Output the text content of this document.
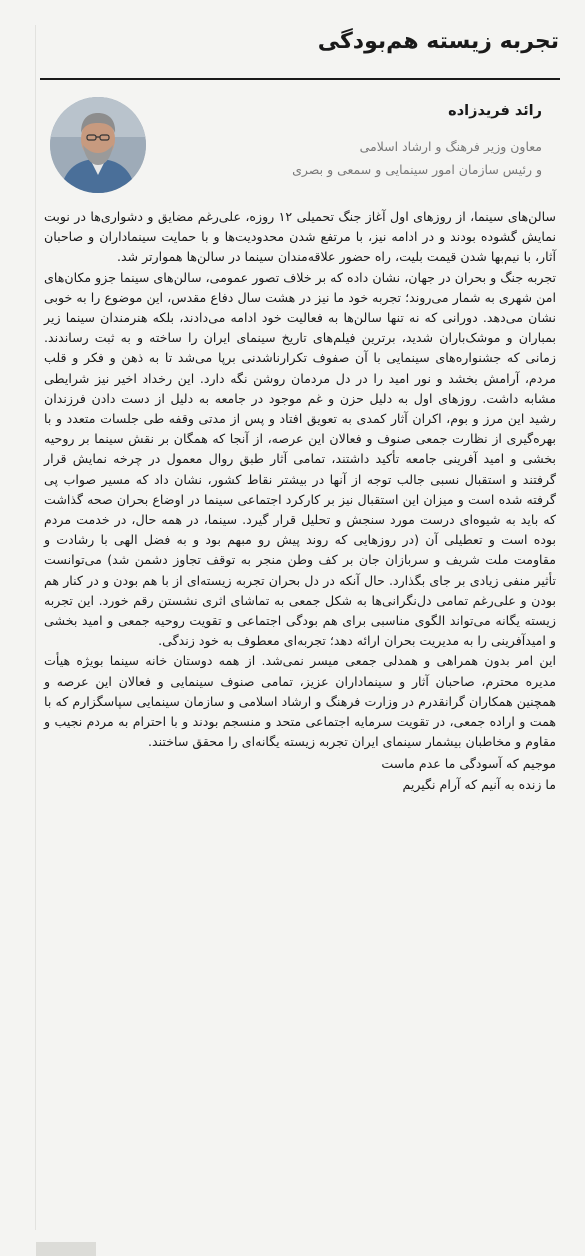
تجربه زیسته هم‌بودگی
رائد فریدزاده

معاون وزیر فرهنگ و ارشاد اسلامی
و رئیس سازمان امور سینمایی و سمعی و بصری

سالن‌های سینما، از روزهای اول آغاز جنگ تحمیلی ۱۲ روزه، علی‌رغم مضایق و دشواری‌ها در نوبت نمایش گشوده بودند و در ادامه نیز، با مرتفع شدن محدودیت‌ها و با حمایت سینماداران و صاحبان آثار، با نیم‌بها شدن قیمت بلیت، راه حضور علاقه‌مندان سینما در سالن‌ها هموارتر شد.

تجربه جنگ و بحران در جهان، نشان داده که بر خلاف تصور عمومی، سالن‌های سینما جزو مکان‌های امن شهری به شمار می‌روند؛ تجربه خود ما نیز در هشت سال دفاع مقدس، این موضوع را به خوبی نشان می‌دهد. دورانی که نه تنها سالن‌ها به فعالیت خود ادامه می‌دادند، بلکه هنرمندان سینما زیر بمباران و موشک‌باران شدید، برترین فیلم‌های تاریخ سینمای ایران را ساخته و به ثبت رساندند. زمانی که جشنواره‌های سینمایی با آن صفوف تکرارناشدنی برپا می‌شد تا به ذهن و فکر و قلب مردم، آرامش بخشد و نور امید را در دل مردمان روشن نگه دارد. این رخداد اخیر نیز شرایطی مشابه داشت. روزهای اول به دلیل حزن و غم موجود در جامعه به دلیل از دست دادن فرزندان رشید این مرز و بوم، اکران آثار کمدی به تعویق افتاد و پس از مدتی وقفه طی جلسات متعدد و با بهره‌گیری از نظارت جمعی صنوف و فعالان این عرصه، از آنجا که همگان بر نقش سینما بر روحیه بخشی و امید آفرینی جامعه تأکید داشتند، تمامی آثار طبق روال معمول در چرخه نمایش قرار گرفتند و استقبال نسبی جالب توجه از آنها در بیشتر نقاط کشور، نشان داد که مسیر صواب پی گرفته شده است و میزان این استقبال نیز بر کارکرد اجتماعی سینما در اوضاع بحران صحه گذاشت که باید به شیوه‌ای درست مورد سنجش و تحلیل قرار گیرد. سینما، در همه حال، در خدمت مردم بوده است و تعطیلی آن (در روزهایی که روند پیش رو مبهم بود و به فضل الهی با رشادت و مقاومت ملت شریف و سربازان جان بر کف وطن منجر به توقف تجاوز دشمن شد) می‌توانست تأثیر منفی زیادی بر جای بگذارد. حال آنکه در دل بحران تجربه زیسته‌ای از با هم بودن و در کنار هم بودن و علی‌رغم تمامی دل‌نگرانی‌ها به شکل جمعی به تماشای اثری نشستن رقم خورد. این تجربه زیسته یگانه می‌تواند الگوی مناسبی برای هم بودگی اجتماعی و تقویت روحیه جمعی و امید بخشی و امید‌آفرینی را به مدیریت بحران ارائه دهد؛ تجربه‌ای معطوف به خود زندگی.

این امر بدون همراهی و همدلی جمعی میسر نمی‌شد. از همه دوستان خانه سینما بویژه هیأت مدیره محترم، صاحبان آثار و سینماداران عزیز، تمامی صنوف سینمایی و فعالان این عرصه و همچنین همکاران گرانقدرم در وزارت فرهنگ و ارشاد اسلامی و سازمان سینمایی سپاسگزارم که با همت و اراده جمعی، در تقویت سرمایه اجتماعی متحد و منسجم بودند و با احترام به مردم نجیب و مقاوم و مخاطبان بیشمار سینمای ایران تجربه زیسته یگانه‌ای را محقق ساختند.

موجیم که آسودگی ما عدم ماست
ما زنده به آنیم که آرام نگیریم
